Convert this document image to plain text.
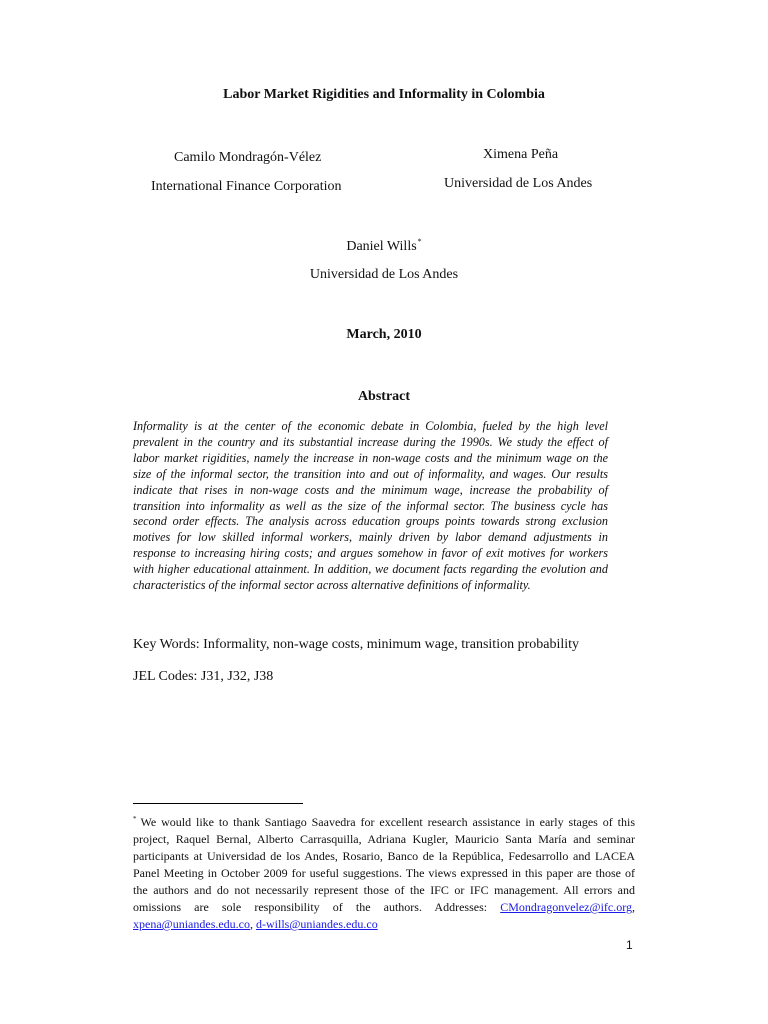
Labor Market Rigidities and Informality in Colombia
Camilo Mondragón-Vélez
International Finance Corporation
Ximena Peña
Universidad de Los Andes
Daniel Wills*
Universidad de Los Andes
March, 2010
Abstract
Informality is at the center of the economic debate in Colombia, fueled by the high level prevalent in the country and its substantial increase during the 1990s. We study the effect of labor market rigidities, namely the increase in non-wage costs and the minimum wage on the size of the informal sector, the transition into and out of informality, and wages. Our results indicate that rises in non-wage costs and the minimum wage, increase the probability of transition into informality as well as the size of the informal sector. The business cycle has second order effects. The analysis across education groups points towards strong exclusion motives for low skilled informal workers, mainly driven by labor demand adjustments in response to increasing hiring costs; and argues somehow in favor of exit motives for workers with higher educational attainment. In addition, we document facts regarding the evolution and characteristics of the informal sector across alternative definitions of informality.
Key Words: Informality, non-wage costs, minimum wage, transition probability
JEL Codes: J31, J32, J38
* We would like to thank Santiago Saavedra for excellent research assistance in early stages of this project, Raquel Bernal, Alberto Carrasquilla, Adriana Kugler, Mauricio Santa María and seminar participants at Universidad de los Andes, Rosario, Banco de la República, Fedesarrollo and LACEA Panel Meeting in October 2009 for useful suggestions. The views expressed in this paper are those of the authors and do not necessarily represent those of the IFC or IFC management. All errors and omissions are sole responsibility of the authors. Addresses: CMondragonvelez@ifc.org, xpena@uniandes.edu.co, d-wills@uniandes.edu.co
1
